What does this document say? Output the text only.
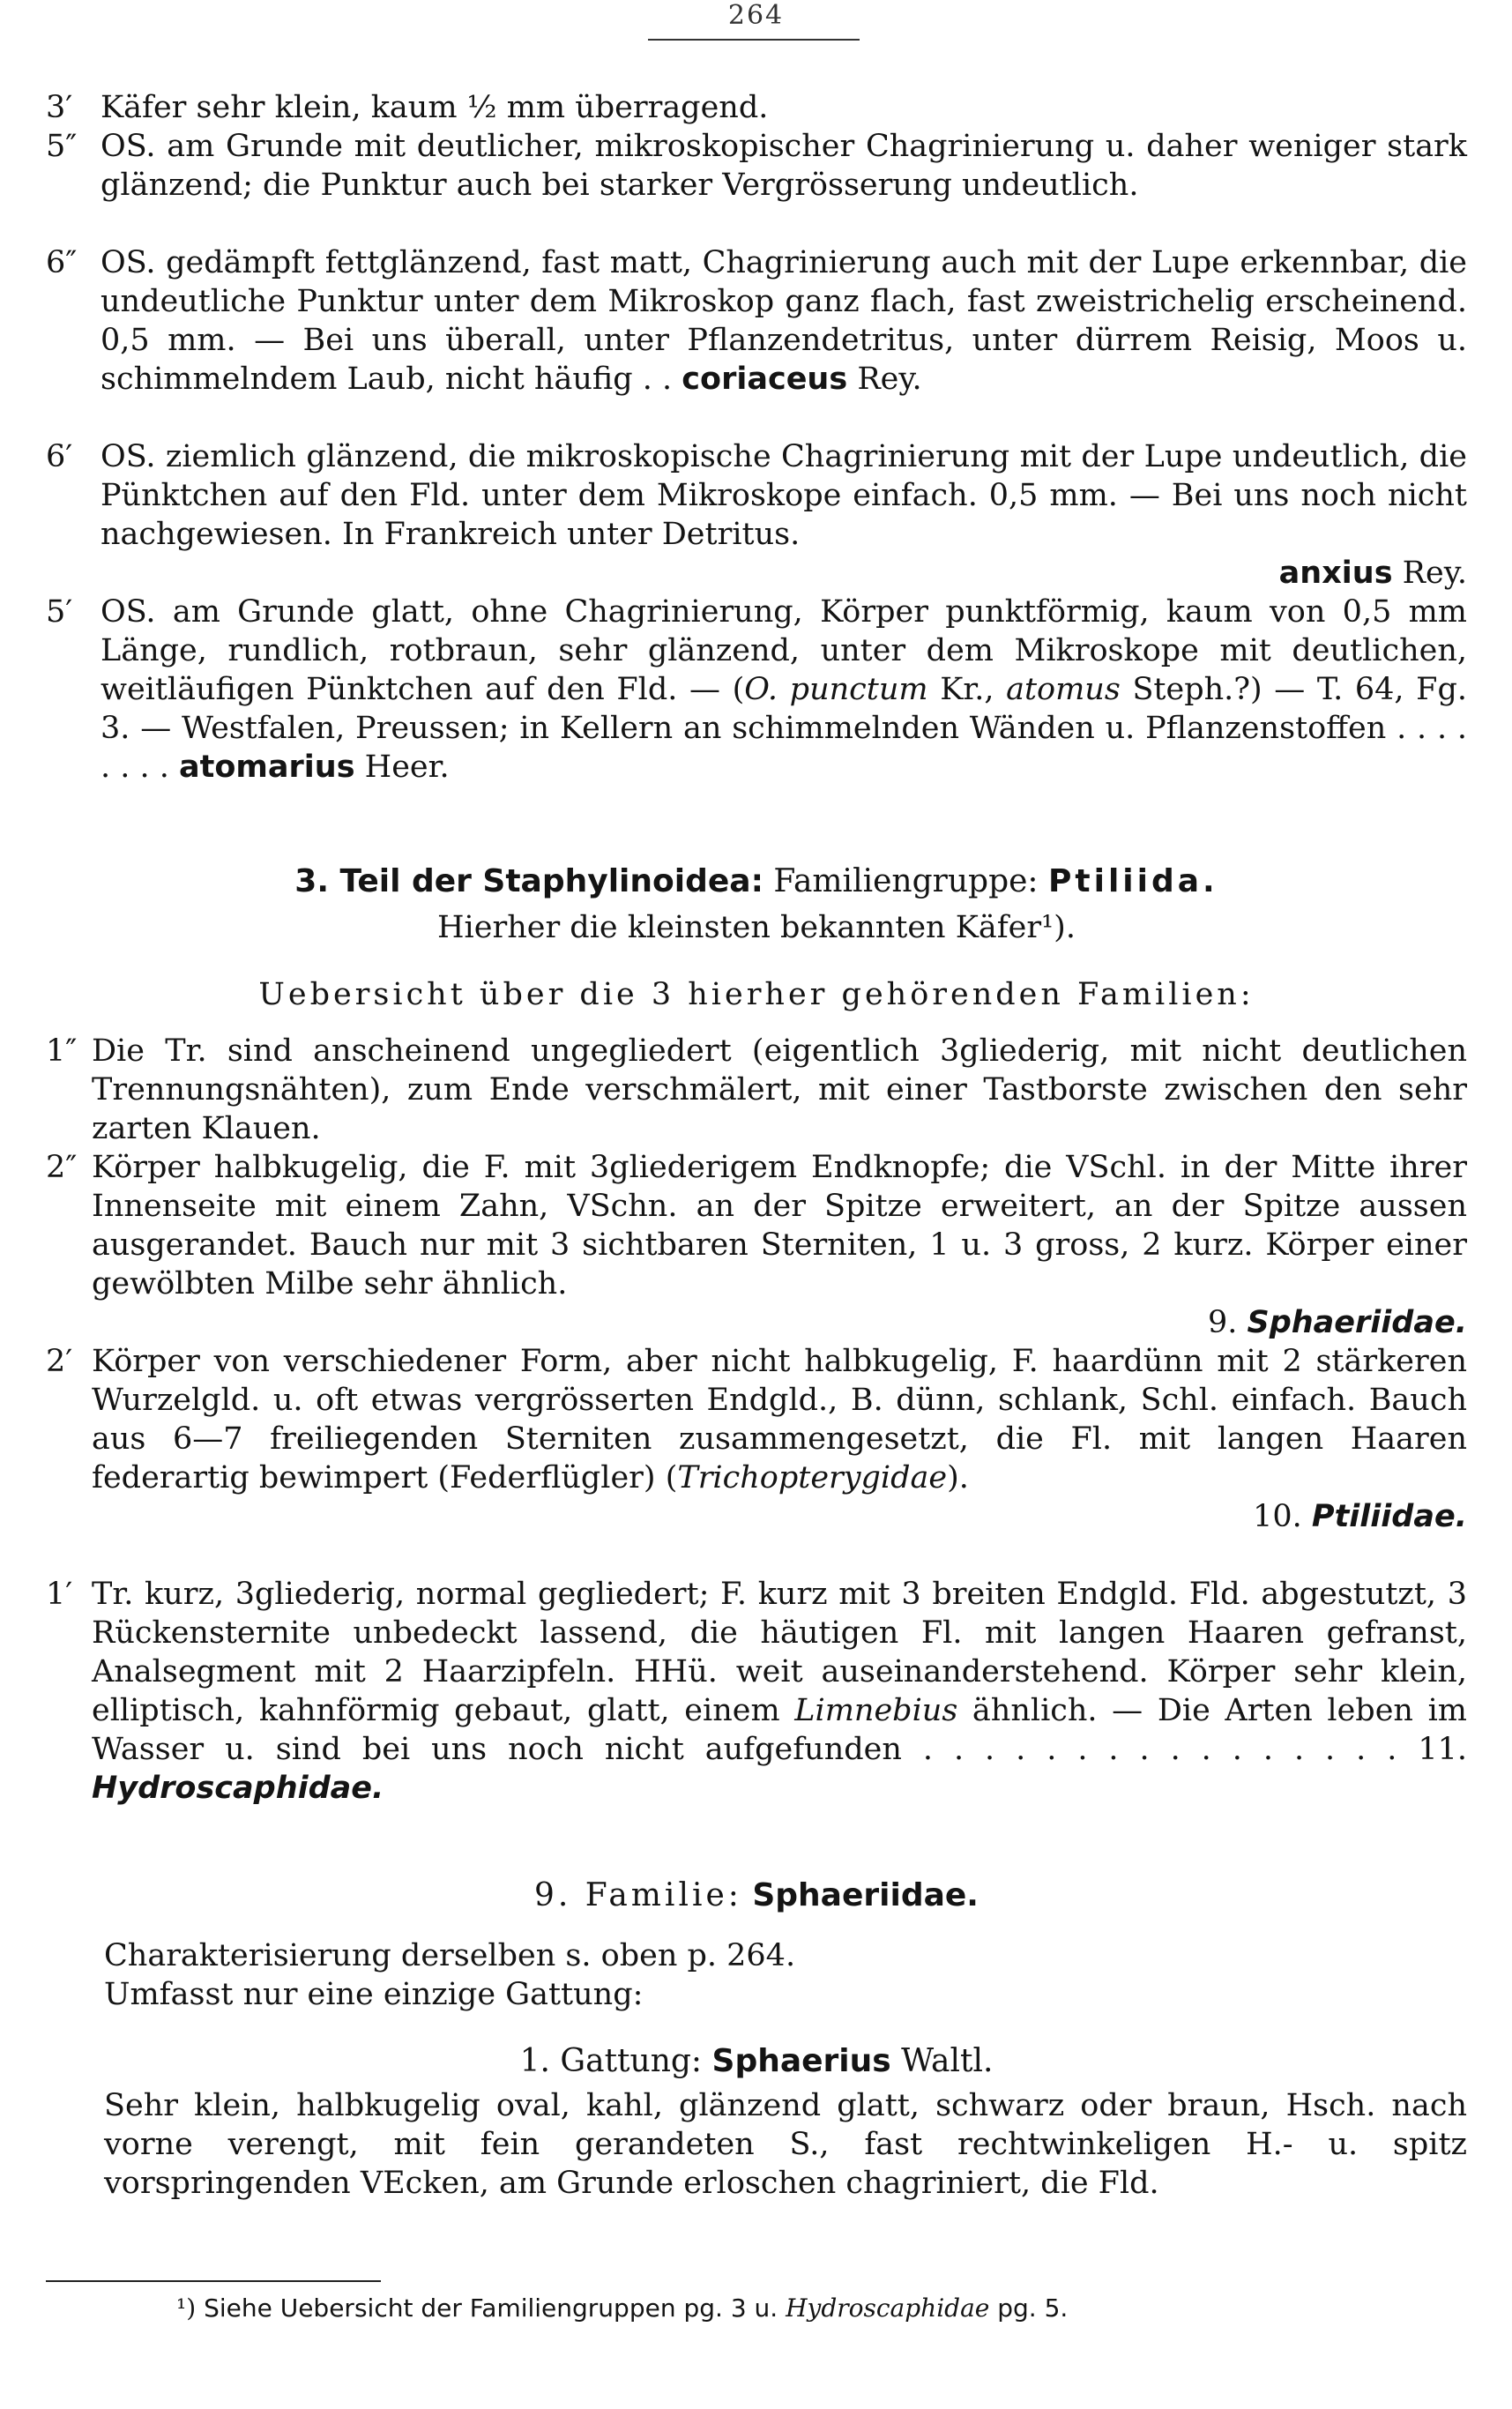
264
3′ Käfer sehr klein, kaum ½ mm überragend.
5″ OS. am Grunde mit deutlicher, mikroskopischer Chagrinierung u. daher weniger stark glänzend; die Punktur auch bei starker Vergrösserung undeutlich.
6″ OS. gedämpft fettglänzend, fast matt, Chagrinierung auch mit der Lupe erkennbar, die undeutliche Punktur unter dem Mikroskop ganz flach, fast zweistrichelig erscheinend. 0,5 mm. — Bei uns überall, unter Pflanzendetritus, unter dürrem Reisig, Moos u. schimmelndem Laub, nicht häufig . . coriaceus Rey.
6′ OS. ziemlich glänzend, die mikroskopische Chagrinierung mit der Lupe undeutlich, die Pünktchen auf den Fld. unter dem Mikroskope einfach. 0,5 mm. — Bei uns noch nicht nachgewiesen. In Frankreich unter Detritus.
anxius Rey.
5′ OS. am Grunde glatt, ohne Chagrinierung, Körper punktförmig, kaum von 0,5 mm Länge, rundlich, rotbraun, sehr glänzend, unter dem Mikroskope mit deutlichen, weitläufigen Pünktchen auf den Fld. — (O. punctum Kr., atomus Steph.?) — T. 64, Fg. 3. — Westfalen, Preussen; in Kellern an schimmelnden Wänden u. Pflanzenstoffen . . . . . . . . atomarius Heer.
3. Teil der Staphylinoidea: Familiengruppe: Ptiliida.
Hierher die kleinsten bekannten Käfer¹).
Uebersicht über die 3 hierher gehörenden Familien:
1″ Die Tr. sind anscheinend ungegliedert (eigentlich 3gliederig, mit nicht deutlichen Trennungsnähten), zum Ende verschmälert, mit einer Tastborste zwischen den sehr zarten Klauen.
2″ Körper halbkugelig, die F. mit 3gliederigem Endknopfe; die VSchl. in der Mitte ihrer Innenseite mit einem Zahn, VSchn. an der Spitze erweitert, an der Spitze aussen ausgerandet. Bauch nur mit 3 sichtbaren Sterniten, 1 u. 3 gross, 2 kurz. Körper einer gewölbten Milbe sehr ähnlich.
9. Sphaeriidae.
2′ Körper von verschiedener Form, aber nicht halbkugelig, F. haardünn mit 2 stärkeren Wurzelgld. u. oft etwas vergrösserten Endgld., B. dünn, schlank, Schl. einfach. Bauch aus 6—7 freiliegenden Sterniten zusammengesetzt, die Fl. mit langen Haaren federartig bewimpert (Federflügler) (Trichopterygidae).
10. Ptiliidae.
1′ Tr. kurz, 3gliederig, normal gegliedert; F. kurz mit 3 breiten Endgld. Fld. abgestutzt, 3 Rückensternite unbedeckt lassend, die häutigen Fl. mit langen Haaren gefranst, Analsegment mit 2 Haarzipfeln. HHü. weit auseinanderstehend. Körper sehr klein, elliptisch, kahnförmig gebaut, glatt, einem Limnebius ähnlich. — Die Arten leben im Wasser u. sind bei uns noch nicht aufgefunden . . . . . . . . . . . . . . . . 11. Hydroscaphidae.
9. Familie: Sphaeriidae.
Charakterisierung derselben s. oben p. 264.
Umfasst nur eine einzige Gattung:
1. Gattung: Sphaerius Waltl.
Sehr klein, halbkugelig oval, kahl, glänzend glatt, schwarz oder braun, Hsch. nach vorne verengt, mit fein gerandeten S., fast rechtwinkeligen H.- u. spitz vorspringenden VEcken, am Grunde erloschen chagriniert, die Fld.
¹) Siehe Uebersicht der Familiengruppen pg. 3 u. Hydroscaphidae pg. 5.
